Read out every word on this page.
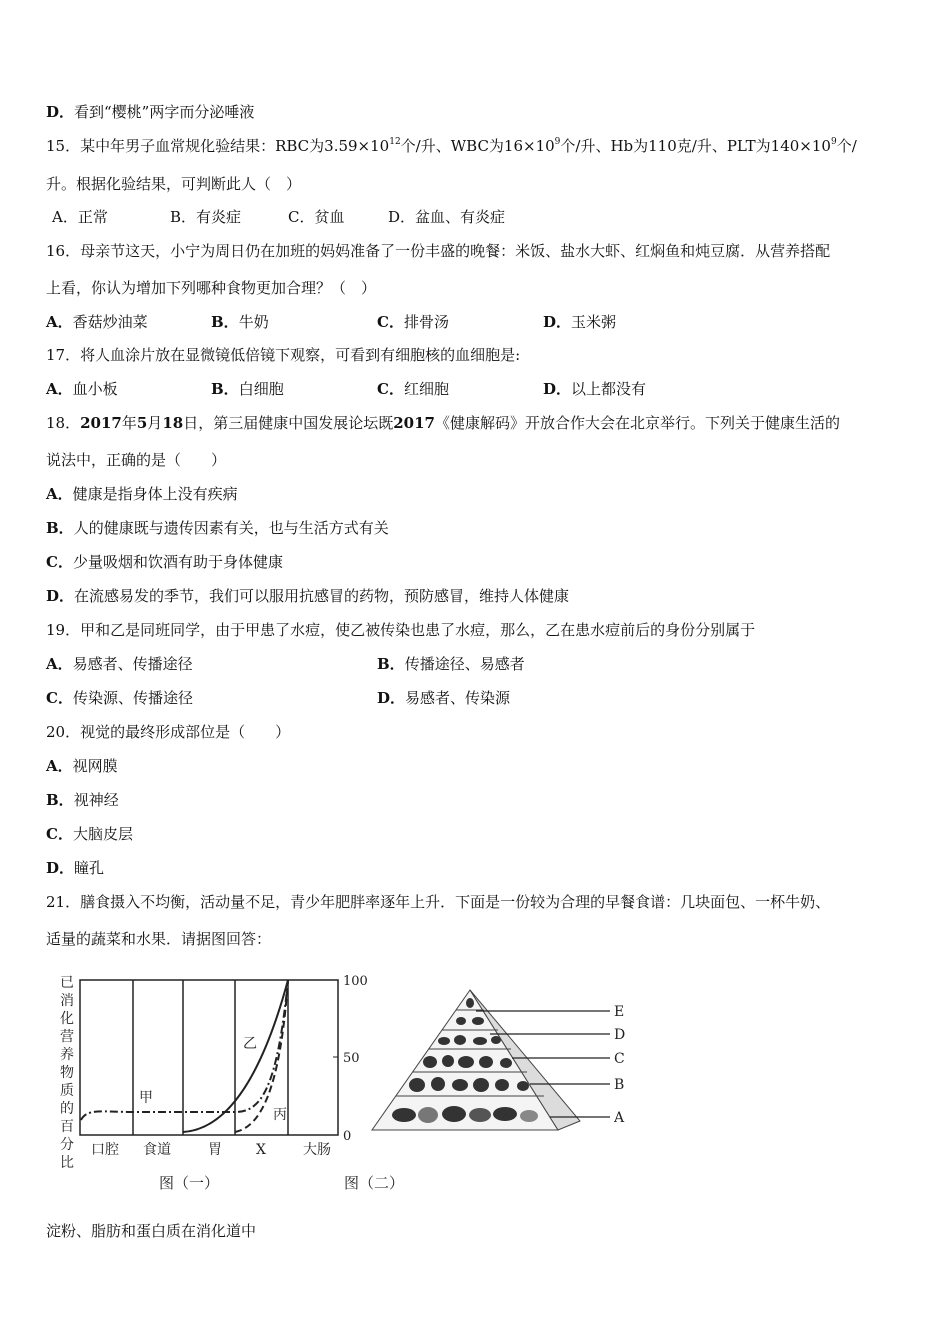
D．看到“樱桃”两字而分泌唾液
15．某中年男子血常规化验结果：RBC为$3.59\times 10^{12}$个/升、WBC为$16\times 10^9$个/升、Hb为110克/升、PLT为$140\times 10^9$个/
升。根据化验结果，可判断此人（　）
A．正常	B．有炎症	C．贫血	D．盆血、有炎症
16．母亲节这天，小宁为周日仍在加班的妈妈准备了一份丰盛的晚餐：米饭、盐水大虾、红焖鱼和炖豆腐．从营养搭配
上看，你认为增加下列哪种食物更加合理？（　）
A．香菇炒油菜	B．牛奶	C．排骨汤	D．玉米粥
17．将人血涂片放在显微镜低倍镜下观察，可看到有细胞核的血细胞是:
A．血小板	B．白细胞	C．红细胞	D．以上都没有
18．2017年5月18日，第三届健康中国发展论坛既2017《健康解码》开放合作大会在北京举行。下列关于健康生活的
说法中，正确的是（　　）
A．健康是指身体上没有疾病
B．人的健康既与遗传因素有关，也与生活方式有关
C．少量吸烟和饮酒有助于身体健康
D．在流感易发的季节，我们可以服用抗感冒的药物，预防感冒，维持人体健康
19．甲和乙是同班同学，由于甲患了水痘，使乙被传染也患了水痘，那么，乙在患水痘前后的身份分别属于
A．易感者、传播途径	B．传播途径、易感者
C．传染源、传播途径	D．易感者、传染源
20．视觉的最终形成部位是（　　）
A．视网膜
B．视神经
C．大脑皮层
D．瞳孔
21．膳食摄入不均衡，活动量不足，青少年肥胖率逐年上升．下面是一份较为合理的早餐食谱：几块面包、一杯牛奶、
适量的蔬菜和水果．请据图回答：
已
消
化
营
养
物
质
的
百
分
比
100
50
0
甲
乙
丙
口腔 食道	胃 X	大肠
图（一）
E
D
C
B
A
图（二）
淀粉、脂肪和蛋白质在消化道中
